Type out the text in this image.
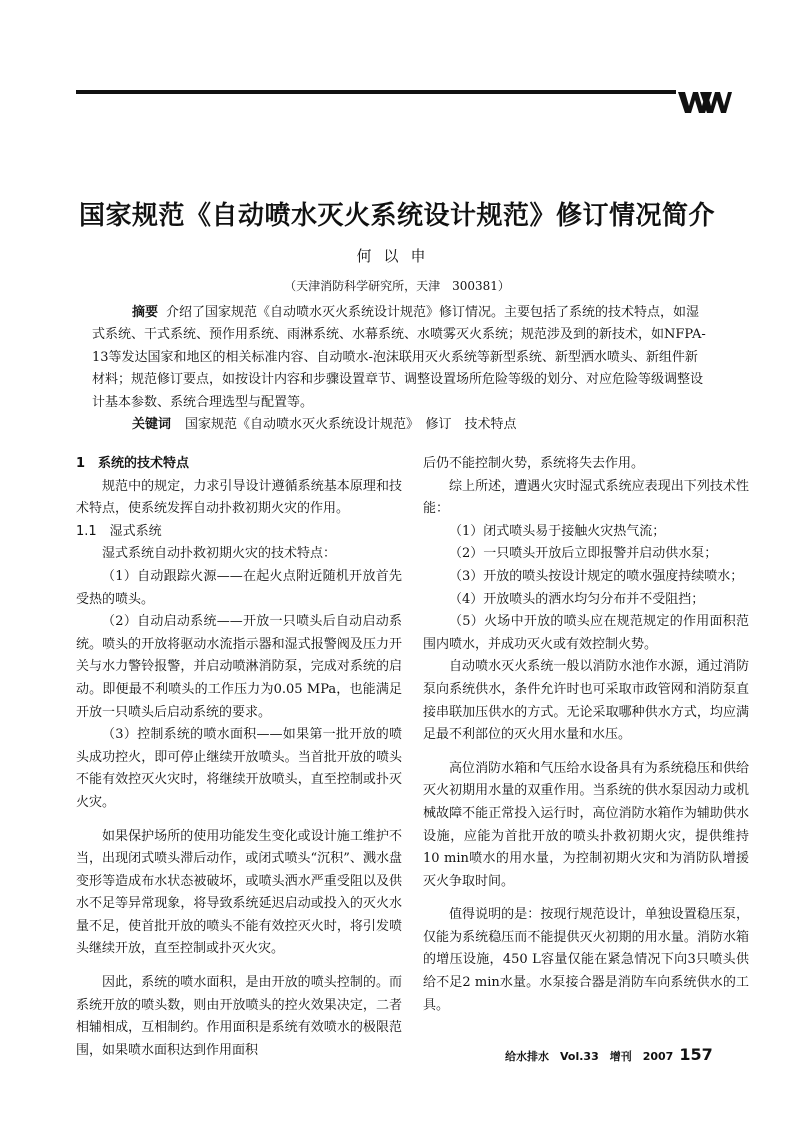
国家规范《自动喷水灭火系统设计规范》修订情况简介
何以申
（天津消防科学研究所，天津　300381）

摘要 介绍了国家规范《自动喷水灭火系统设计规范》修订情况。主要包括了系统的技术特点，如湿式系统、干式系统、预作用系统、雨淋系统、水幕系统、水喷雾灭火系统；规范涉及到的新技术，如NFPA-13等发达国家和地区的相关标准内容、自动喷水-泡沫联用灭火系统等新型系统、新型洒水喷头、新组件新材料；规范修订要点，如按设计内容和步骤设置章节、调整设置场所危险等级的划分、对应危险等级调整设计基本参数、系统合理选型与配置等。

关键词 国家规范《自动喷水灭火系统设计规范》　修订　技术特点

1　系统的技术特点

规范中的规定，力求引导设计遵循系统基本原理和技术特点，使系统发挥自动扑救初期火灾的作用。

1.1　湿式系统

湿式系统自动扑救初期火灾的技术特点：

（1）自动跟踪火源——在起火点附近随机开放首先受热的喷头。

（2）自动启动系统——开放一只喷头后自动启动系统。喷头的开放将驱动水流指示器和湿式报警阀及压力开关与水力警铃报警，并启动喷淋消防泵，完成对系统的启动。即便最不利喷头的工作压力为0.05 MPa，也能满足开放一只喷头后启动系统的要求。

（3）控制系统的喷水面积——如果第一批开放的喷头成功控火，即可停止继续开放喷头。当首批开放的喷头不能有效控灭火灾时，将继续开放喷头，直至控制或扑灭火灾。

如果保护场所的使用功能发生变化或设计施工维护不当，出现闭式喷头滞后动作，或闭式喷头“沉积”、溅水盘变形等造成布水状态被破坏，或喷头洒水严重受阻以及供水不足等异常现象，将导致系统延迟启动或投入的灭火水量不足，使首批开放的喷头不能有效控灭火时，将引发喷头继续开放，直至控制或扑灭火灾。

因此，系统的喷水面积，是由开放的喷头控制的。而系统开放的喷头数，则由开放喷头的控火效果决定，二者相辅相成，互相制约。作用面积是系统有效喷水的极限范围，如果喷水面积达到作用面积

后仍不能控制火势，系统将失去作用。

综上所述，遭遇火灾时湿式系统应表现出下列技术性能：

（1）闭式喷头易于接触火灾热气流；

（2）一只喷头开放后立即报警并启动供水泵；

（3）开放的喷头按设计规定的喷水强度持续喷水；

（4）开放喷头的洒水均匀分布并不受阻挡；

（5）火场中开放的喷头应在规范规定的作用面积范围内喷水，并成功灭火或有效控制火势。

自动喷水灭火系统一般以消防水池作水源，通过消防泵向系统供水，条件允许时也可采取市政管网和消防泵直接串联加压供水的方式。无论采取哪种供水方式，均应满足最不利部位的灭火用水量和水压。

高位消防水箱和气压给水设备具有为系统稳压和供给灭火初期用水量的双重作用。当系统的供水泵因动力或机械故障不能正常投入运行时，高位消防水箱作为辅助供水设施，应能为首批开放的喷头扑救初期火灾，提供维持10 min喷水的用水量，为控制初期火灾和为消防队增援灭火争取时间。

值得说明的是：按现行规范设计，单独设置稳压泵，仅能为系统稳压而不能提供灭火初期的用水量。消防水箱的增压设施，450 L容量仅能在紧急情况下向3只喷头供给不足2 min水量。水泵接合器是消防车向系统供水的工具。

给水排水　Vol.33　增刊　2007 157
